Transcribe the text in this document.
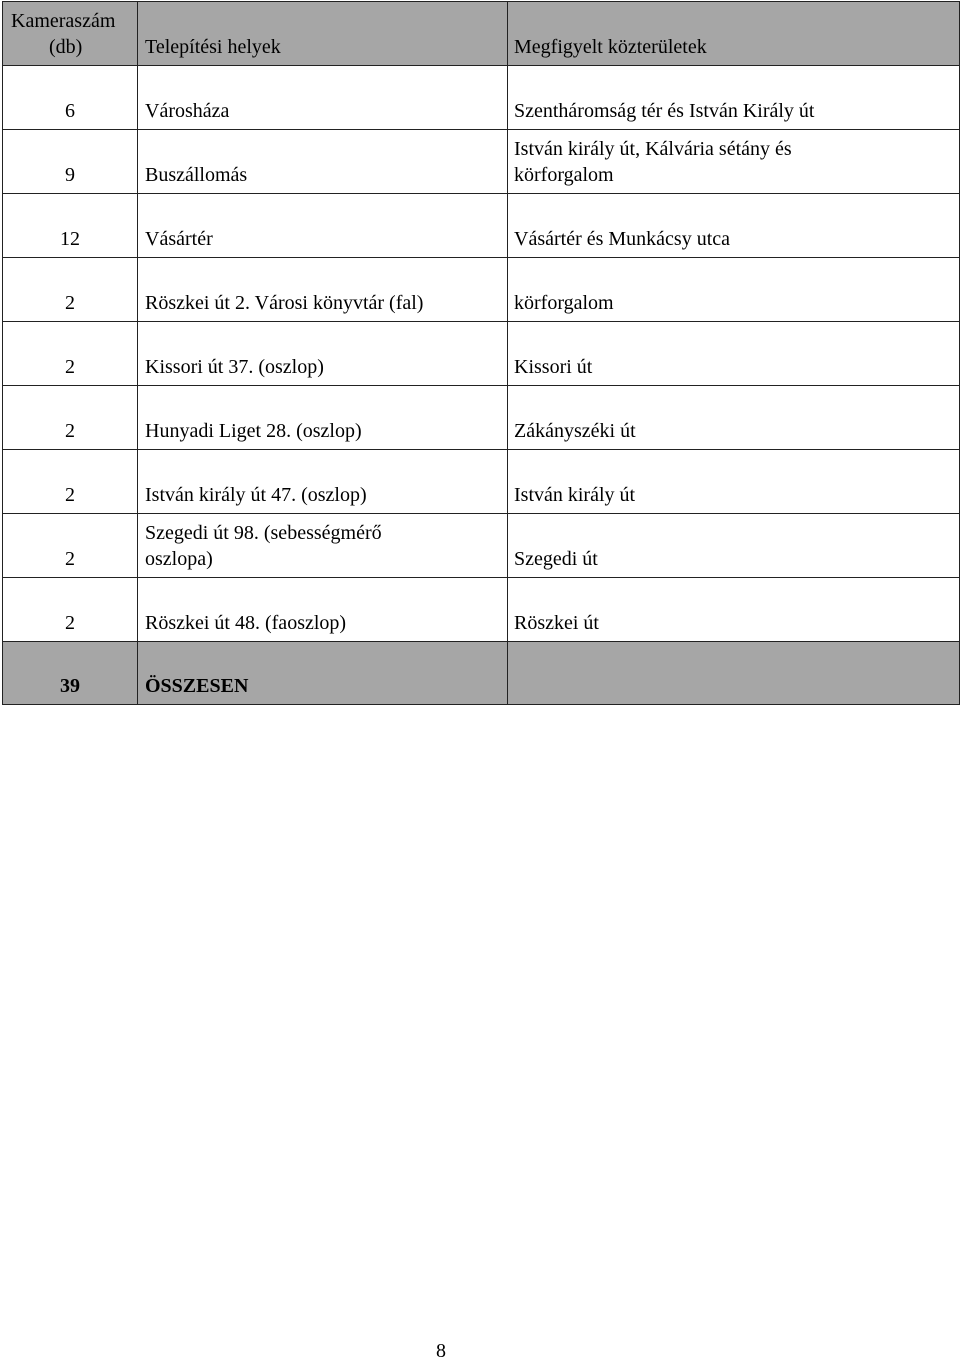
Kameraszám
(db)	Telepítési helyek	Megfigyelt közterületek
6	Városháza	Szentháromság tér és István Király út

9	Buszállomás	István király út, Kálvária sétány és
körforgalom

12	Vásártér	Vásártér és Munkácsy utca

2	Röszkei út 2. Városi könyvtár (fal)	körforgalom

2	Kissori út 37. (oszlop)	Kissori út

2	Hunyadi Liget 28. (oszlop)	Zákányszéki út

2	István király út 47. (oszlop)	István király út

2	Szegedi út 98. (sebességmérő
oszlopa)	Szegedi út

2	Röszkei út 48. (faoszlop)	Röszkei út

39	ÖSSZESEN	
8
